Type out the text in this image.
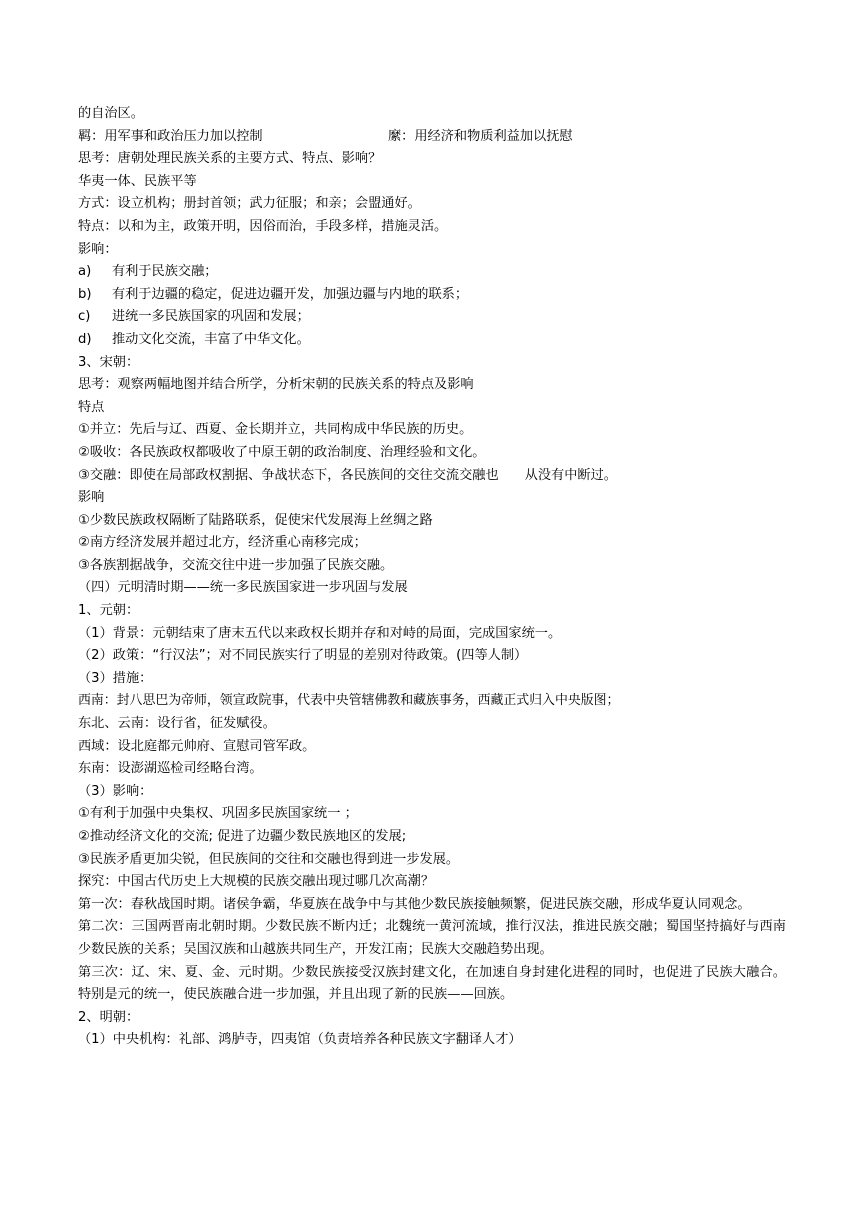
的自治区。
羁：用军事和政治压力加以控制	縻：用经济和物质利益加以抚慰
思考：唐朝处理民族关系的主要方式、特点、影响？
华夷一体、民族平等
方式：设立机构；册封首领；武力征服；和亲；会盟通好。
特点：以和为主，政策开明，因俗而治，手段多样，措施灵活。
影响：
a) 有利于民族交融；
b) 有利于边疆的稳定，促进边疆开发，加强边疆与内地的联系；
c) 进统一多民族国家的巩固和发展；
d) 推动文化交流，丰富了中华文化。
3、宋朝：
思考：观察两幅地图并结合所学，分析宋朝的民族关系的特点及影响
特点
①并立：先后与辽、西夏、金长期并立，共同构成中华民族的历史。
②吸收：各民族政权都吸收了中原王朝的政治制度、治理经验和文化。
③交融：即使在局部政权割据、争战状态下，各民族间的交往交流交融也 从没有中断过。
影响
①少数民族政权隔断了陆路联系，促使宋代发展海上丝绸之路
②南方经济发展并超过北方，经济重心南移完成；
③各族割据战争，交流交往中进一步加强了民族交融。
（四）元明清时期——统一多民族国家进一步巩固与发展
1、元朝：
（1）背景：元朝结束了唐末五代以来政权长期并存和对峙的局面，完成国家统一。
（2）政策：“行汉法”；对不同民族实行了明显的差别对待政策。(四等人制）
（3）措施：
西南：封八思巴为帝师，领宣政院事，代表中央管辖佛教和藏族事务，西藏正式归入中央版图；
东北、云南：设行省，征发赋役。
西域：设北庭都元帅府、宣慰司管军政。
东南：设澎湖巡检司经略台湾。
（3）影响：
①有利于加强中央集权、巩固多民族国家统一 ；
②推动经济文化的交流; 促进了边疆少数民族地区的发展;
③民族矛盾更加尖锐，但民族间的交往和交融也得到进一步发展。
探究：中国古代历史上大规模的民族交融出现过哪几次高潮？
第一次：春秋战国时期。诸侯争霸，华夏族在战争中与其他少数民族接触频繁，促进民族交融，形成华夏认同观念。
第二次：三国两晋南北朝时期。少数民族不断内迁；北魏统一黄河流域，推行汉法，推进民族交融；蜀国坚持搞好与西南少数民族的关系；吴国汉族和山越族共同生产，开发江南；民族大交融趋势出现。
第三次：辽、宋、夏、金、元时期。少数民族接受汉族封建文化，在加速自身封建化进程的同时，也促进了民族大融合。特别是元的统一，使民族融合进一步加强，并且出现了新的民族——回族。
2、明朝：
（1）中央机构：礼部、鸿胪寺，四夷馆（负责培养各种民族文字翻译人才）
